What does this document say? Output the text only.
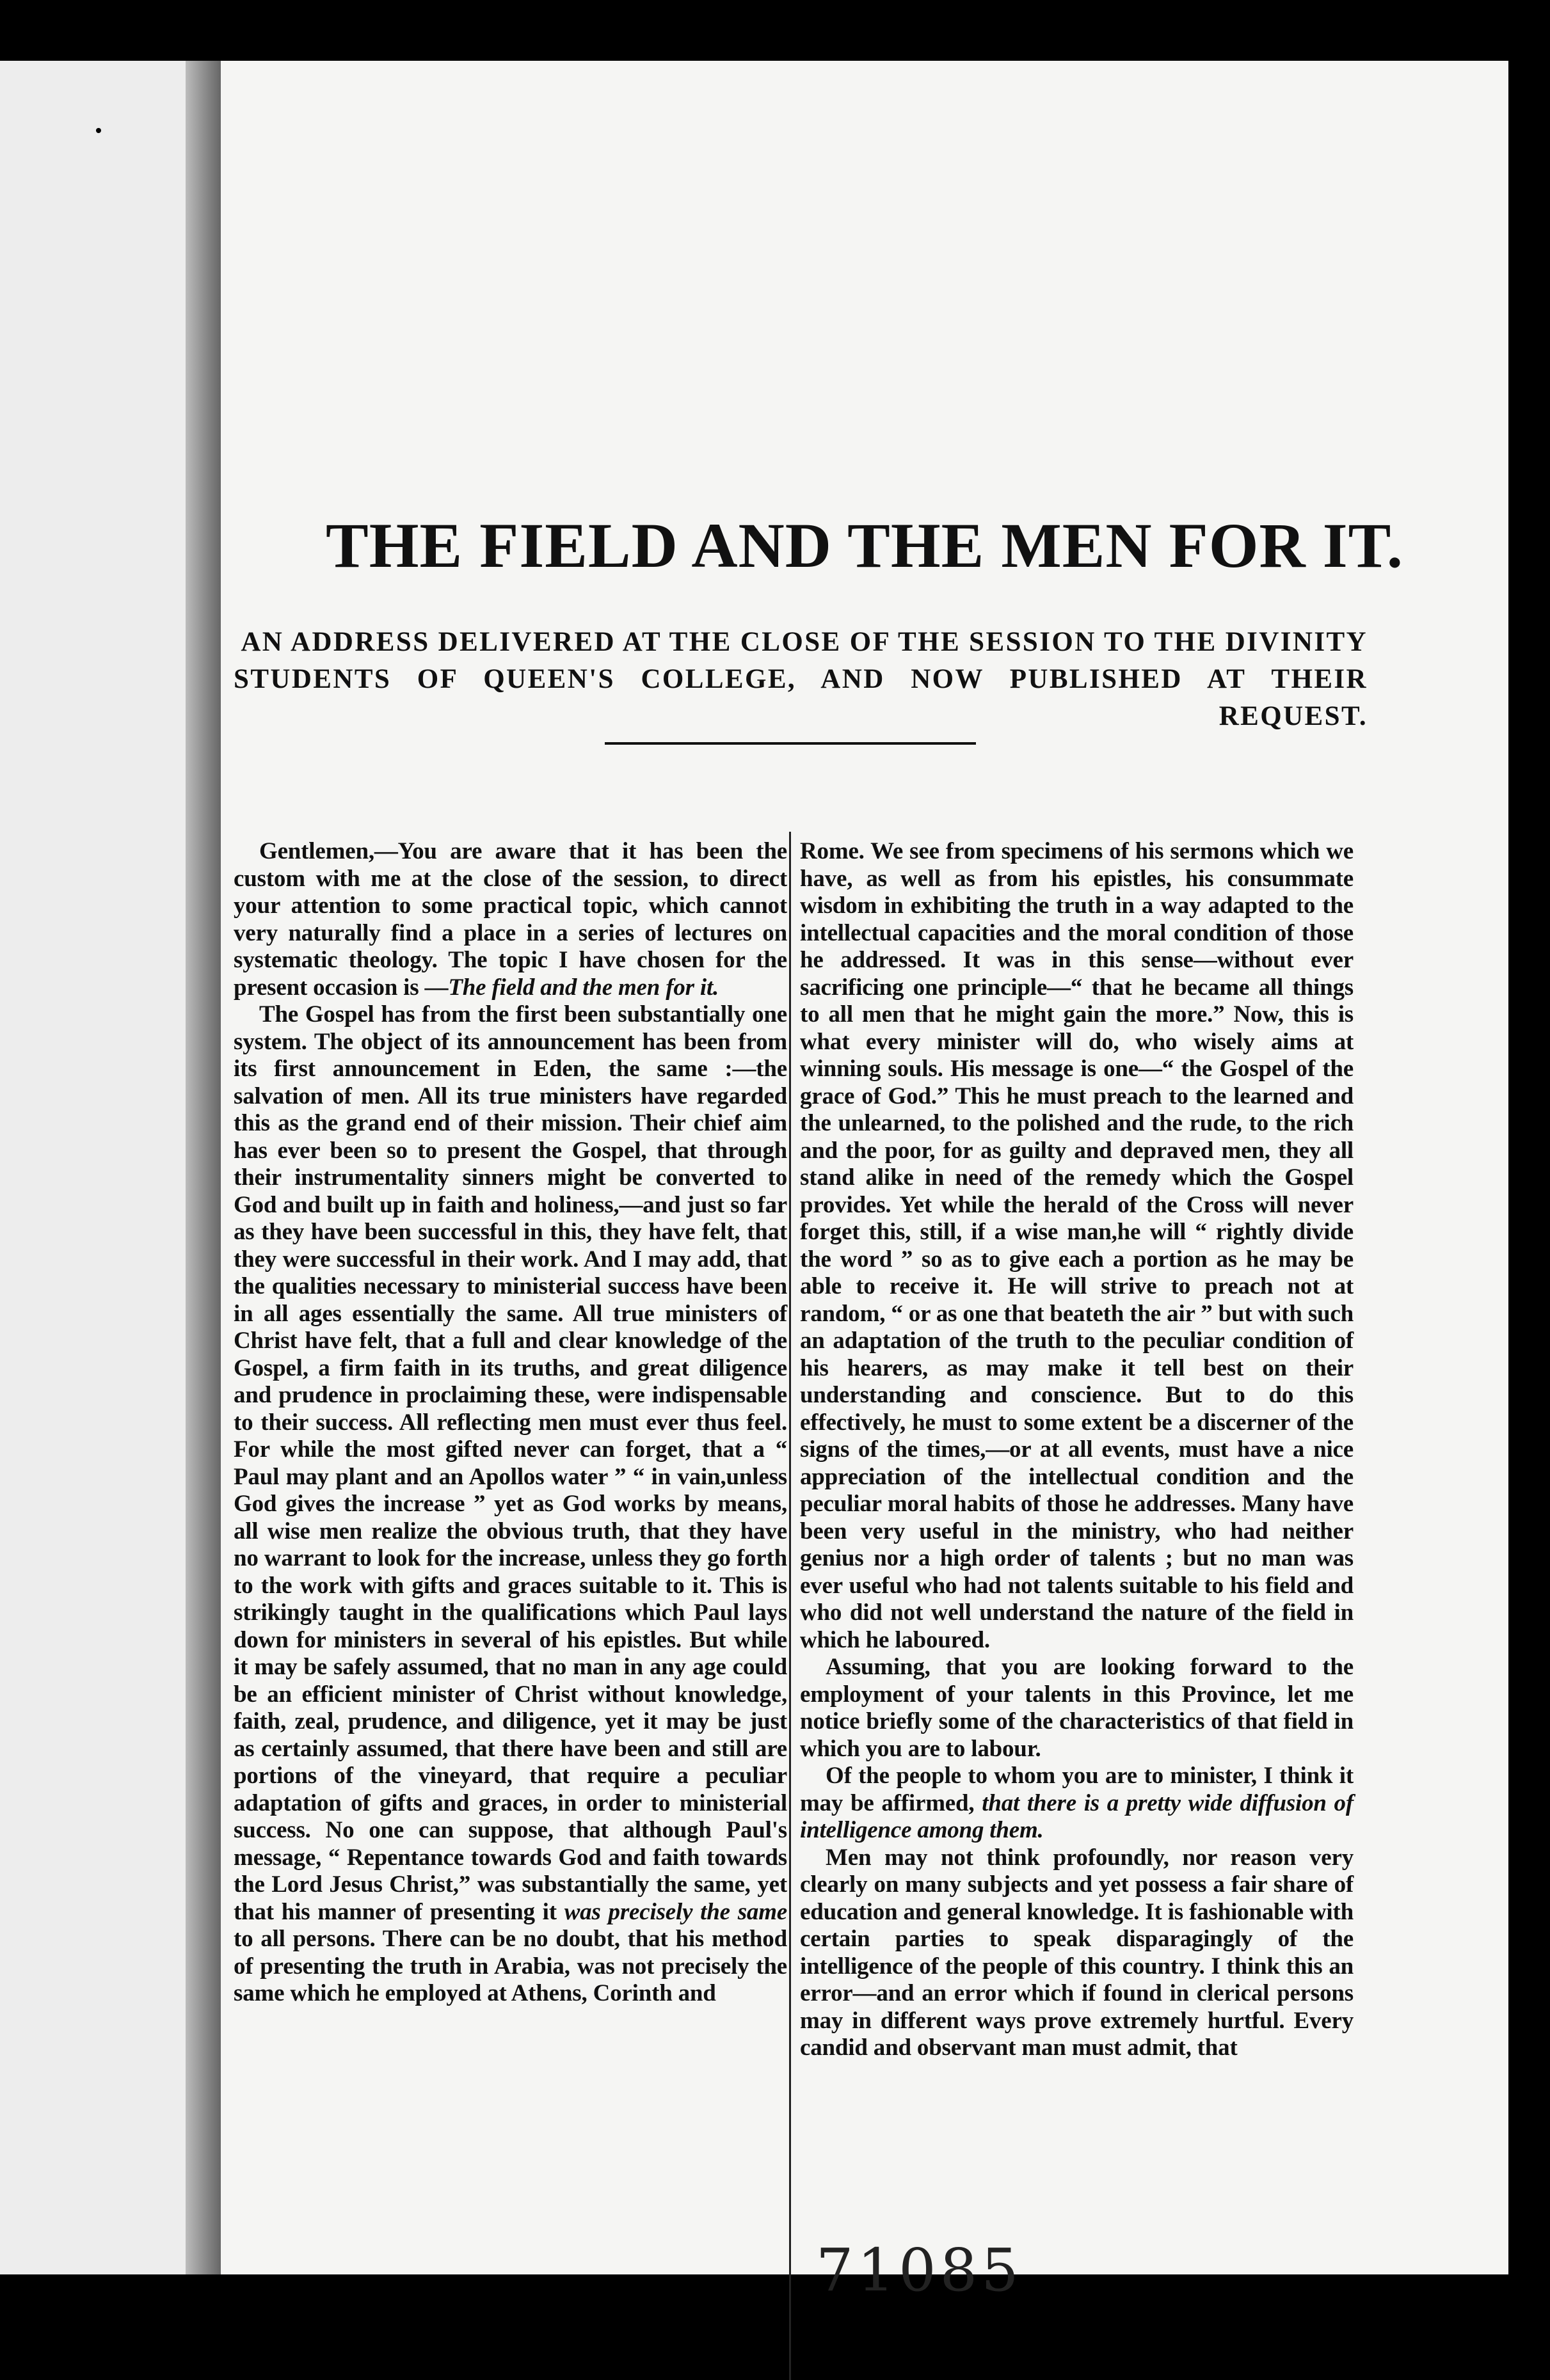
THE FIELD AND THE MEN FOR IT.
AN ADDRESS DELIVERED AT THE CLOSE OF THE SESSION TO THE DIVINITY
STUDENTS OF QUEEN'S COLLEGE, AND NOW PUBLISHED AT THEIR REQUEST.

Gentlemen,—You are aware that it has been the custom with me at the close of the session, to direct your attention to some practical topic, which cannot very naturally find a place in a series of lectures on systematic theology. The topic I have chosen for the present occasion is —The field and the men for it.

The Gospel has from the first been substantially one system. The object of its announcement has been from its first announcement in Eden, the same :—the salvation of men. All its true ministers have regarded this as the grand end of their mission. Their chief aim has ever been so to present the Gospel, that through their instrumentality sinners might be converted to God and built up in faith and holiness,—and just so far as they have been successful in this, they have felt, that they were successful in their work. And I may add, that the qualities necessary to ministerial success have been in all ages essentially the same. All true ministers of Christ have felt, that a full and clear knowledge of the Gospel, a firm faith in its truths, and great diligence and prudence in proclaiming these, were indispensable to their success. All reflecting men must ever thus feel. For while the most gifted never can forget, that a “ Paul may plant and an Apollos water ” “ in vain,unless God gives the increase ” yet as God works by means, all wise men realize the obvious truth, that they have no warrant to look for the increase, unless they go forth to the work with gifts and graces suitable to it. This is strikingly taught in the qualifications which Paul lays down for ministers in several of his epistles. But while it may be safely assumed, that no man in any age could be an efficient minister of Christ without knowledge, faith, zeal, prudence, and diligence, yet it may be just as certainly assumed, that there have been and still are portions of the vineyard, that require a peculiar adaptation of gifts and graces, in order to ministerial success. No one can suppose, that although Paul's message, “ Repentance towards God and faith towards the Lord Jesus Christ,” was substantially the same, yet that his manner of presenting it was precisely the same to all persons. There can be no doubt, that his method of presenting the truth in Arabia, was not precisely the same which he employed at Athens, Corinth and

Rome. We see from specimens of his sermons which we have, as well as from his epistles, his consummate wisdom in exhibiting the truth in a way adapted to the intellectual capacities and the moral condition of those he addressed. It was in this sense—without ever sacrificing one principle—“ that he became all things to all men that he might gain the more.” Now, this is what every minister will do, who wisely aims at winning souls. His message is one—“ the Gospel of the grace of God.” This he must preach to the learned and the unlearned, to the polished and the rude, to the rich and the poor, for as guilty and depraved men, they all stand alike in need of the remedy which the Gospel provides. Yet while the herald of the Cross will never forget this, still, if a wise man,he will “ rightly divide the word ” so as to give each a portion as he may be able to receive it. He will strive to preach not at random, “ or as one that beateth the air ” but with such an adaptation of the truth to the peculiar condition of his hearers, as may make it tell best on their understanding and conscience. But to do this effectively, he must to some extent be a discerner of the signs of the times,—or at all events, must have a nice appreciation of the intellectual condition and the peculiar moral habits of those he addresses. Many have been very useful in the ministry, who had neither genius nor a high order of talents ; but no man was ever useful who had not talents suitable to his field and who did not well understand the nature of the field in which he laboured.

Assuming, that you are looking forward to the employment of your talents in this Province, let me notice briefly some of the characteristics of that field in which you are to labour.

Of the people to whom you are to minister, I think it may be affirmed, that there is a pretty wide diffusion of intelligence among them.

Men may not think profoundly, nor reason very clearly on many subjects and yet possess a fair share of education and general knowledge. It is fashionable with certain parties to speak disparagingly of the intelligence of the people of this country. I think this an error—and an error which if found in clerical persons may in different ways prove extremely hurtful. Every candid and observant man must admit, that

71085
